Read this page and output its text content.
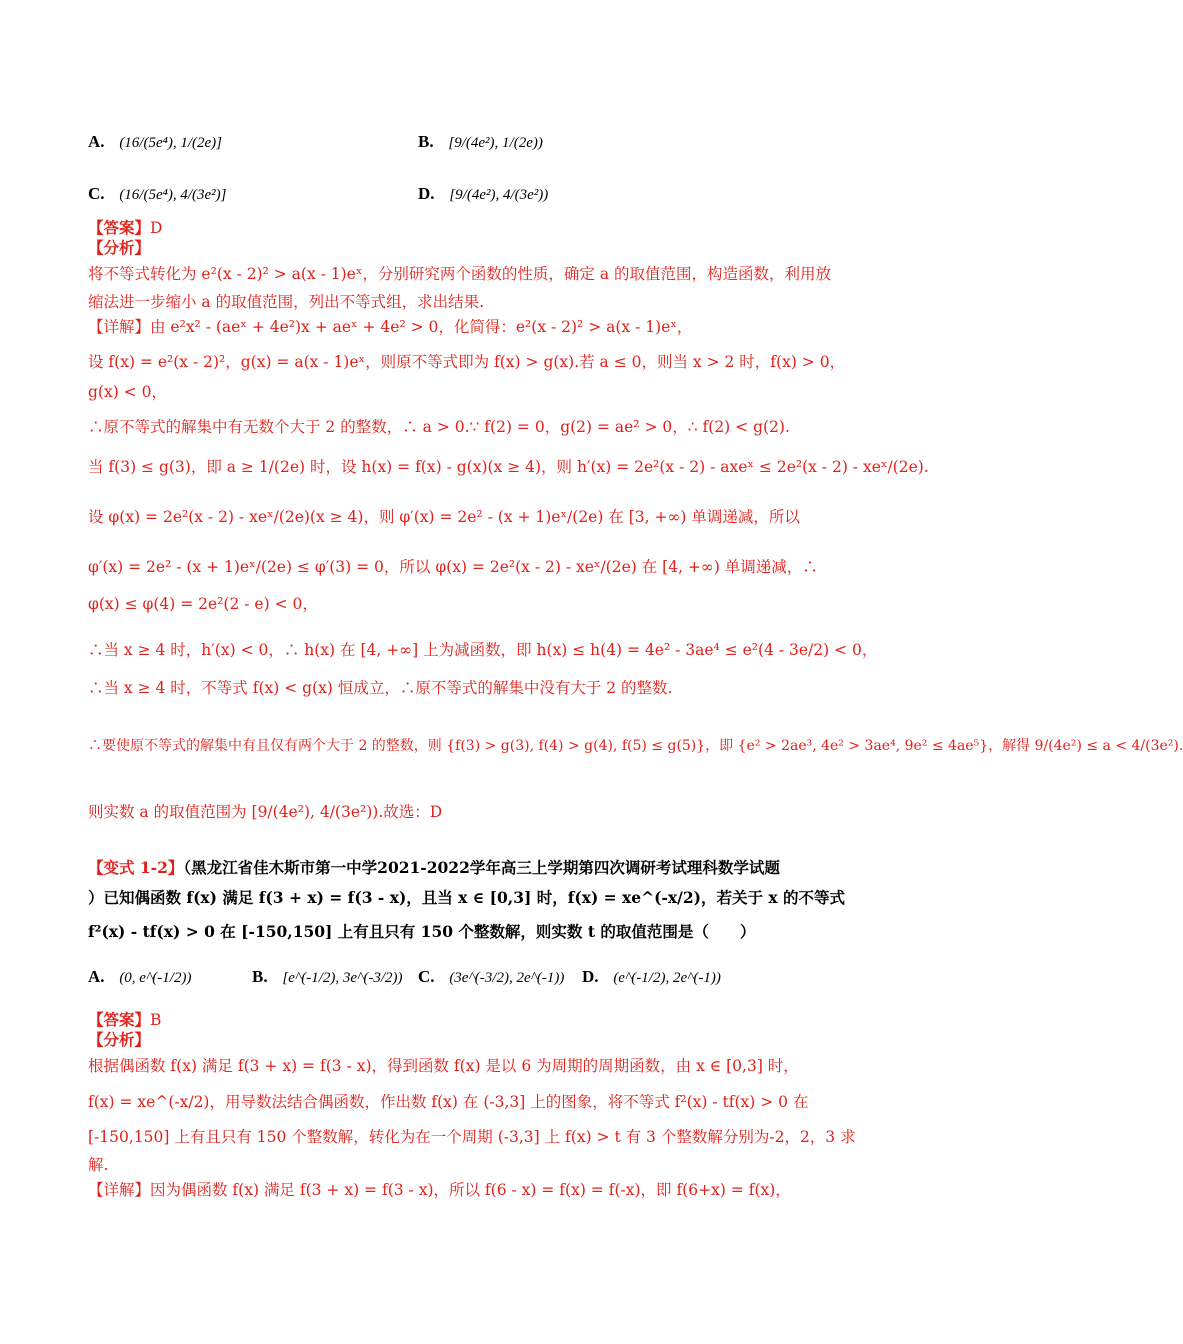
A. (16/(5e⁴), 1/(2e)]	B. [9/(4e²), 1/(2e))
C. (16/(5e⁴), 4/(3e²)]	D. [9/(4e²), 4/(3e²))
【答案】D
【分析】
将不等式转化为 e²(x - 2)² > a(x - 1)eˣ，分别研究两个函数的性质，确定 a 的取值范围，构造函数，利用放
缩法进一步缩小 a 的取值范围，列出不等式组，求出结果.
【详解】由 e²x² - (aeˣ + 4e²)x + aeˣ + 4e² > 0，化简得：e²(x - 2)² > a(x - 1)eˣ，
设 f(x) = e²(x - 2)²，g(x) = a(x - 1)eˣ，则原不等式即为 f(x) > g(x).若 a ≤ 0，则当 x > 2 时，f(x) > 0，
g(x) < 0，
∴原不等式的解集中有无数个大于 2 的整数，∴ a > 0.∵ f(2) = 0，g(2) = ae² > 0，∴ f(2) < g(2).
当 f(3) ≤ g(3)，即 a ≥ 1/(2e) 时，设 h(x) = f(x) - g(x)(x ≥ 4)，则 h′(x) = 2e²(x - 2) - axeˣ ≤ 2e²(x - 2) - xeˣ/(2e).
设 φ(x) = 2e²(x - 2) - xeˣ/(2e)(x ≥ 4)，则 φ′(x) = 2e² - (x + 1)eˣ/(2e) 在 [3, +∞) 单调递减，所以
φ′(x) = 2e² - (x + 1)eˣ/(2e) ≤ φ′(3) = 0，所以 φ(x) = 2e²(x - 2) - xeˣ/(2e) 在 [4, +∞) 单调递减，∴
φ(x) ≤ φ(4) = 2e²(2 - e) < 0，
∴当 x ≥ 4 时，h′(x) < 0，∴ h(x) 在 [4, +∞] 上为减函数，即 h(x) ≤ h(4) = 4e² - 3ae⁴ ≤ e²(4 - 3e/2) < 0，
∴当 x ≥ 4 时，不等式 f(x) < g(x) 恒成立，∴原不等式的解集中没有大于 2 的整数.
∴要使原不等式的解集中有且仅有两个大于 2 的整数，则 {f(3) > g(3), f(4) > g(4), f(5) ≤ g(5)}，即 {e² > 2ae³, 4e² > 3ae⁴, 9e² ≤ 4ae⁵}，解得 9/(4e²) ≤ a < 4/(3e²).
则实数 a 的取值范围为 [9/(4e²), 4/(3e²)).故选：D
【变式 1-2】（黑龙江省佳木斯市第一中学2021-2022学年高三上学期第四次调研考试理科数学试题
）已知偶函数 f(x) 满足 f(3 + x) = f(3 - x)，且当 x ∈ [0,3] 时，f(x) = xe^(-x/2)，若关于 x 的不等式
f²(x) - tf(x) > 0 在 [-150,150] 上有且只有 150 个整数解，则实数 t 的取值范围是（　　）
A. (0, e^(-1/2))	B. [e^(-1/2), 3e^(-3/2)) C. (3e^(-3/2), 2e^(-1)) D. (e^(-1/2), 2e^(-1))
【答案】B
【分析】
根据偶函数 f(x) 满足 f(3 + x) = f(3 - x)，得到函数 f(x) 是以 6 为周期的周期函数，由 x ∈ [0,3] 时，
f(x) = xe^(-x/2)，用导数法结合偶函数，作出数 f(x) 在 (-3,3] 上的图象，将不等式 f²(x) - tf(x) > 0 在
[-150,150] 上有且只有 150 个整数解，转化为在一个周期 (-3,3] 上 f(x) > t 有 3 个整数解分别为-2，2，3 求
解.
【详解】因为偶函数 f(x) 满足 f(3 + x) = f(3 - x)，所以 f(6 - x) = f(x) = f(-x)，即 f(6+x) = f(x)，
